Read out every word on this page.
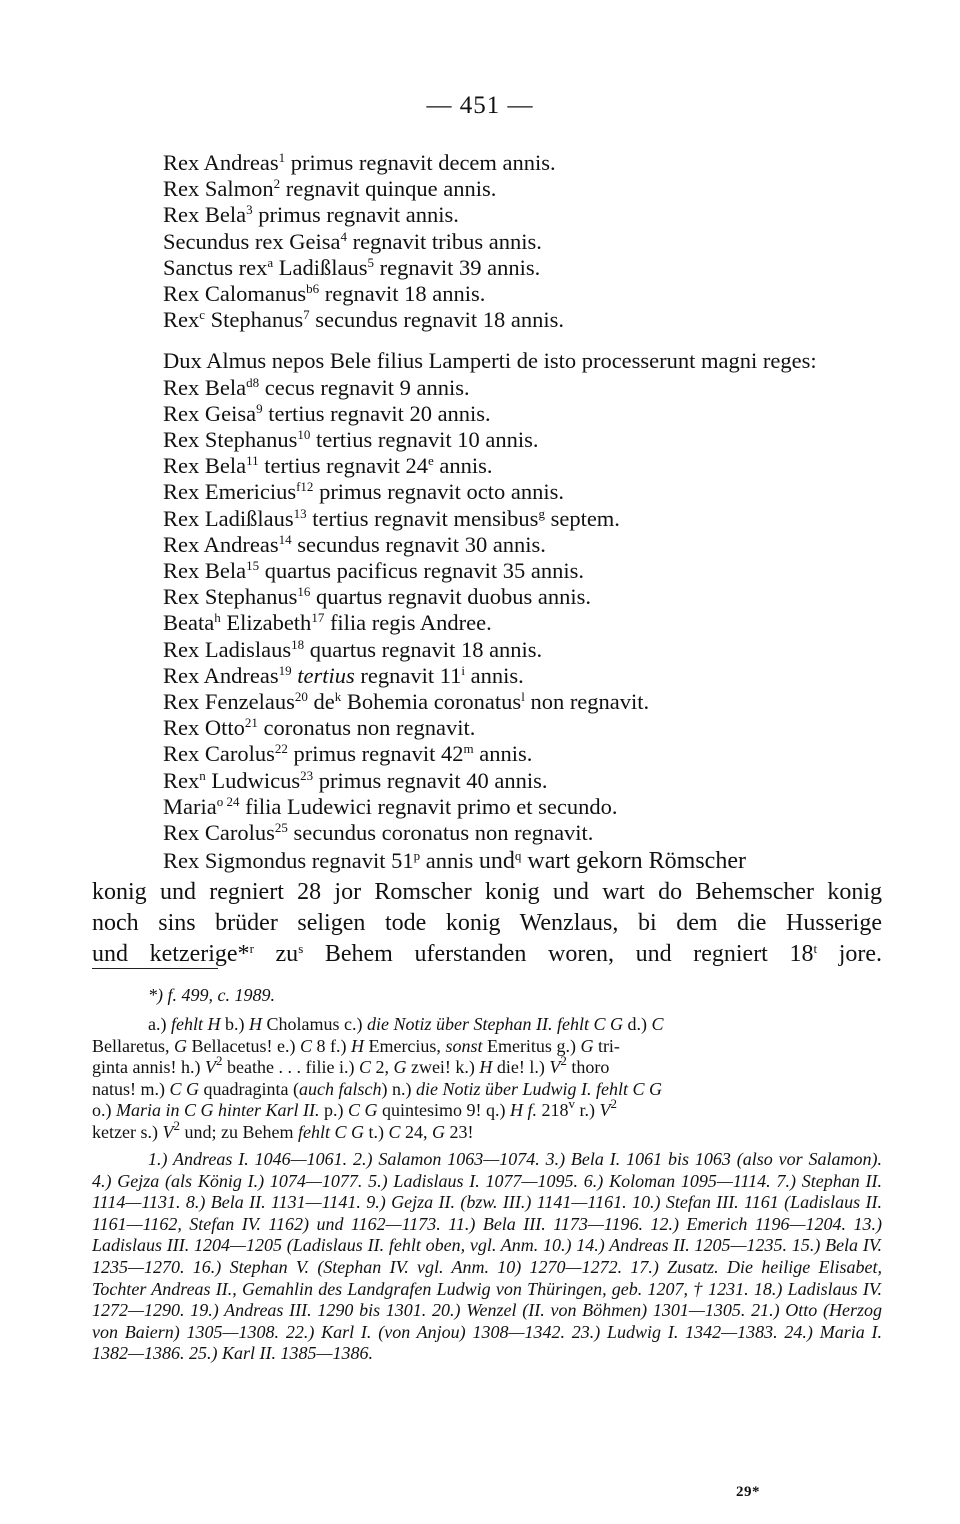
— 451 —
Rex Andreas$^1$ primus regnavit decem annis.
Rex Salmon$^2$ regnavit quinque annis.
Rex Bela$^3$ primus regnavit annis.
Secundus rex Geisa$^4$ regnavit tribus annis.
Sanctus rex$^a$ Ladißlaus$^5$ regnavit 39 annis.
Rex Calomanus$^{b6}$ regnavit 18 annis.
Rex$^c$ Stephanus$^7$ secundus regnavit 18 annis.
Dux Almus nepos Bele filius Lamperti de isto processerunt magni reges:
Rex Bela$^{d8}$ cecus regnavit 9 annis.
Rex Geisa$^9$ tertius regnavit 20 annis.
Rex Stephanus$^{10}$ tertius regnavit 10 annis.
Rex Bela$^{11}$ tertius regnavit 24e annis.
Rex Emericius$^{f12}$ primus regnavit octo annis.
Rex Ladißlaus$^{13}$ tertius regnavit mensibus$^g$ septem.
Rex Andreas$^{14}$ secundus regnavit 30 annis.
Rex Bela$^{15}$ quartus pacificus regnavit 35 annis.
Rex Stephanus$^{16}$ quartus regnavit duobus annis.
Beata$^h$ Elizabeth$^{17}$ filia regis Andree.
Rex Ladislaus$^{18}$ quartus regnavit 18 annis.
Rex Andreas$^{19}$ tertius regnavit 11$^i$ annis.
Rex Fenzelaus$^{20}$ $de^k$ Bohemia coronatus$^l$ non regnavit.
Rex Otto$^{21}$ coronatus non regnavit.
Rex Carolus$^{22}$ primus regnavit 42$^m$ annis.
Rex$^n$ Ludwicus$^{23}$ primus regnavit 40 annis.
Maria$^{o 24}$ filia Ludewici regnavit primo et secundo.
Rex Carolus$^{25}$ secundus coronatus non regnavit.
Rex Sigmondus regnavit 51$^p$ annis und$^q$ wart gekorn Römscher
konig und regniert 28 jor Romscher konig und wart do Behemscher konig
noch sins brüder seligen tode konig Wenzlaus, bi dem die Husserige
und ketzerige*$^r$ $zu^s$ Behem uferstanden woren, und regniert 18$^t$ jore.
*) f. 499, c. 1989.
a.) fehlt H b.) H Cholamus c.) die Notiz über Stephan II. fehlt C G d.) C
Bellaretus, G Bellacetus! e.) C 8 f.) H Emercius, sonst Emeritus g.) G tri-
ginta annis! h.) $V^2$ beathe . . . filie i.) C 2, G zwei! k.) H die! l.) $V^2$ thoro
natus! m.) C G quadraginta (auch falsch) n.) die Notiz über Ludwig I. fehlt C G
o.) Maria in C G hinter Karl II. p.) C G quintesimo 9! q.) H f. 218$^v$ r.) $V^2$
ketzer s.) $V^2$ und; zu Behem fehlt C G t.) C 24, G 23!
1.) Andreas I. 1046—1061. 2.) Salamon 1063—1074. 3.) Bela I. 1061 bis 1063 (also vor Salamon). 4.) Gejza (als König I.) 1074—1077. 5.) Ladislaus I. 1077—1095. 6.) Koloman 1095—1114. 7.) Stephan II. 1114—1131. 8.) Bela II. 1131—1141. 9.) Gejza II. (bzw. III.) 1141—1161. 10.) Stefan III. 1161 (Ladislaus II. 1161—1162, Stefan IV. 1162) und 1162—1173. 11.) Bela III. 1173—1196. 12.) Emerich 1196—1204. 13.) Ladislaus III. 1204—1205 (Ladislaus II. fehlt oben, vgl. Anm. 10.) 14.) Andreas II. 1205—1235. 15.) Bela IV. 1235—1270. 16.) Stephan V. (Stephan IV. vgl. Anm. 10) 1270—1272. 17.) Zusatz. Die heilige Elisabet, Tochter Andreas II., Gemahlin des Landgrafen Ludwig von Thüringen, geb. 1207, † 1231. 18.) Ladislaus IV. 1272—1290. 19.) Andreas III. 1290 bis 1301. 20.) Wenzel (II. von Böhmen) 1301—1305. 21.) Otto (Herzog von Baiern) 1305—1308. 22.) Karl I. (von Anjou) 1308—1342. 23.) Ludwig I. 1342—1383. 24.) Maria I. 1382—1386. 25.) Karl II. 1385—1386.
29*
